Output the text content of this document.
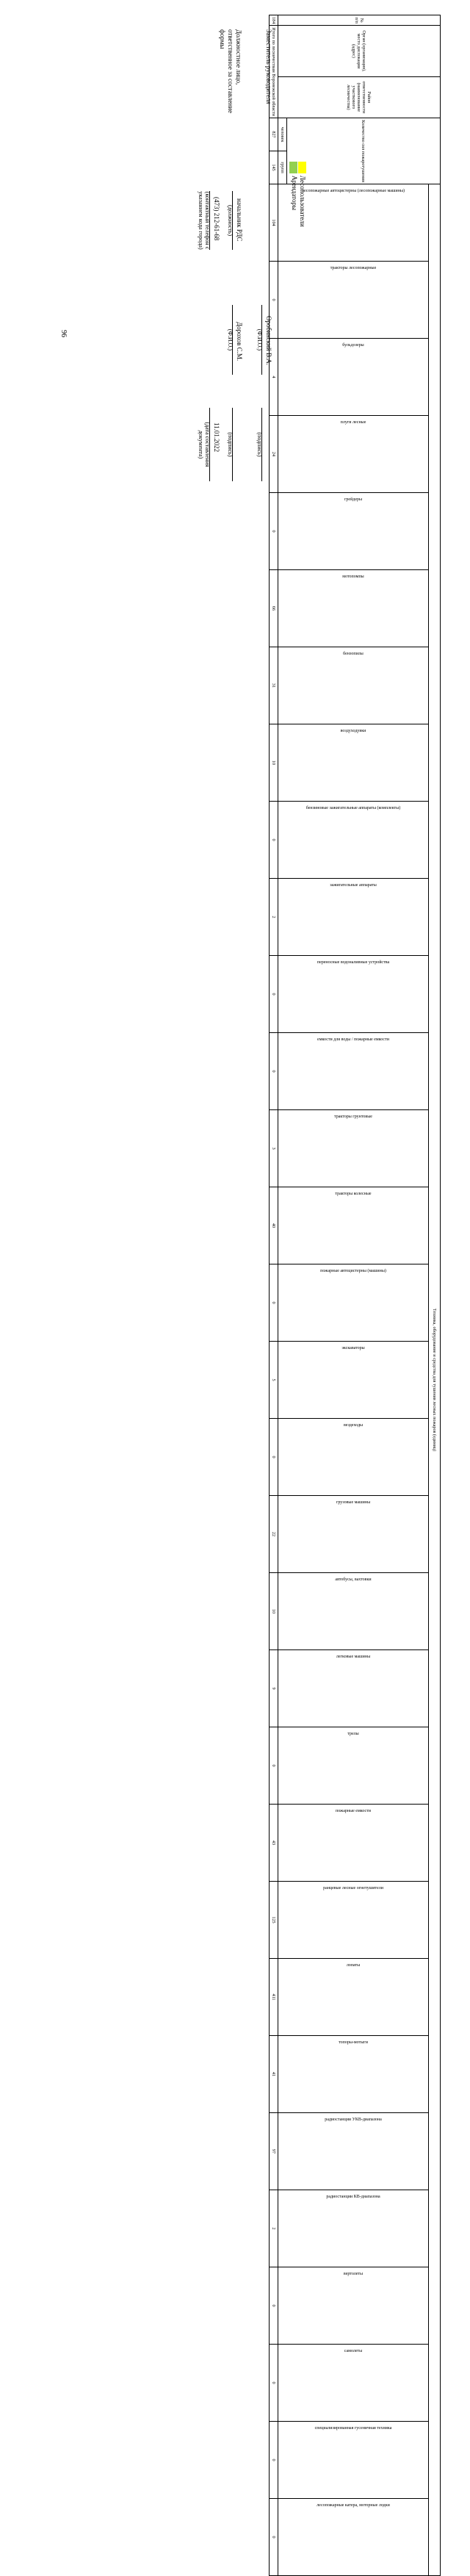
96
№ п/п	Орган (организация), место дислокации (адрес)	Район ответственности (наименование участкового лесничества)	Количество сил пожаротушения		Техника, оборудование и средства для тушения лесных пожаров (единиц)																														

					лесопожарные автоцистерны (лесопожарные машины)	тракторы лесопожарные	бульдозеры	плуги лесные	грейдеры	мотопомпы	бензопилы	воздуходувки	бензиновые зажигательные аппараты (комплекты)	зажигательные аппараты	переносные водоналивные устройства	емкости для воды / пожарные емкости	тракторы грунтовые	тракторы колесные	пожарные автоцистерны (машины)	экскаваторы	вездеходы	грузовые машины	автобусы, вахтовки	легковые машины	трелы	пожарные емкости	ранцевые лесные огнетушители	лопаты	топоры-мотыги	радиостанции УКВ-диапазона	радиостанции КВ-диапазона	вертолеты	самолеты	специализированная гусеничная техника	лесопожарные катера, моторные лодки

			человек	групп																															
184	Итого по лесничествам Воронежской области		827	145	104	0	4	24	0	66	31	10	0	2	0	0	3	40	0	5	0	22	10	9	0	43	125	411	41	97	2	0	0	0	0
Лесопользователи
Арендаторы
Заместитель руководителя
Оробинский В.А.
(Ф.И.О.)
(подпись)
Должностное лицо, ответственное за составление формы
начальник РДС
(должность)
Дорохов С.М.
(Ф.И.О.)
(подпись)
(473) 212-61-68
(контактный телефон с указанием кода города)
11.01.2022
(дата составления документа)
